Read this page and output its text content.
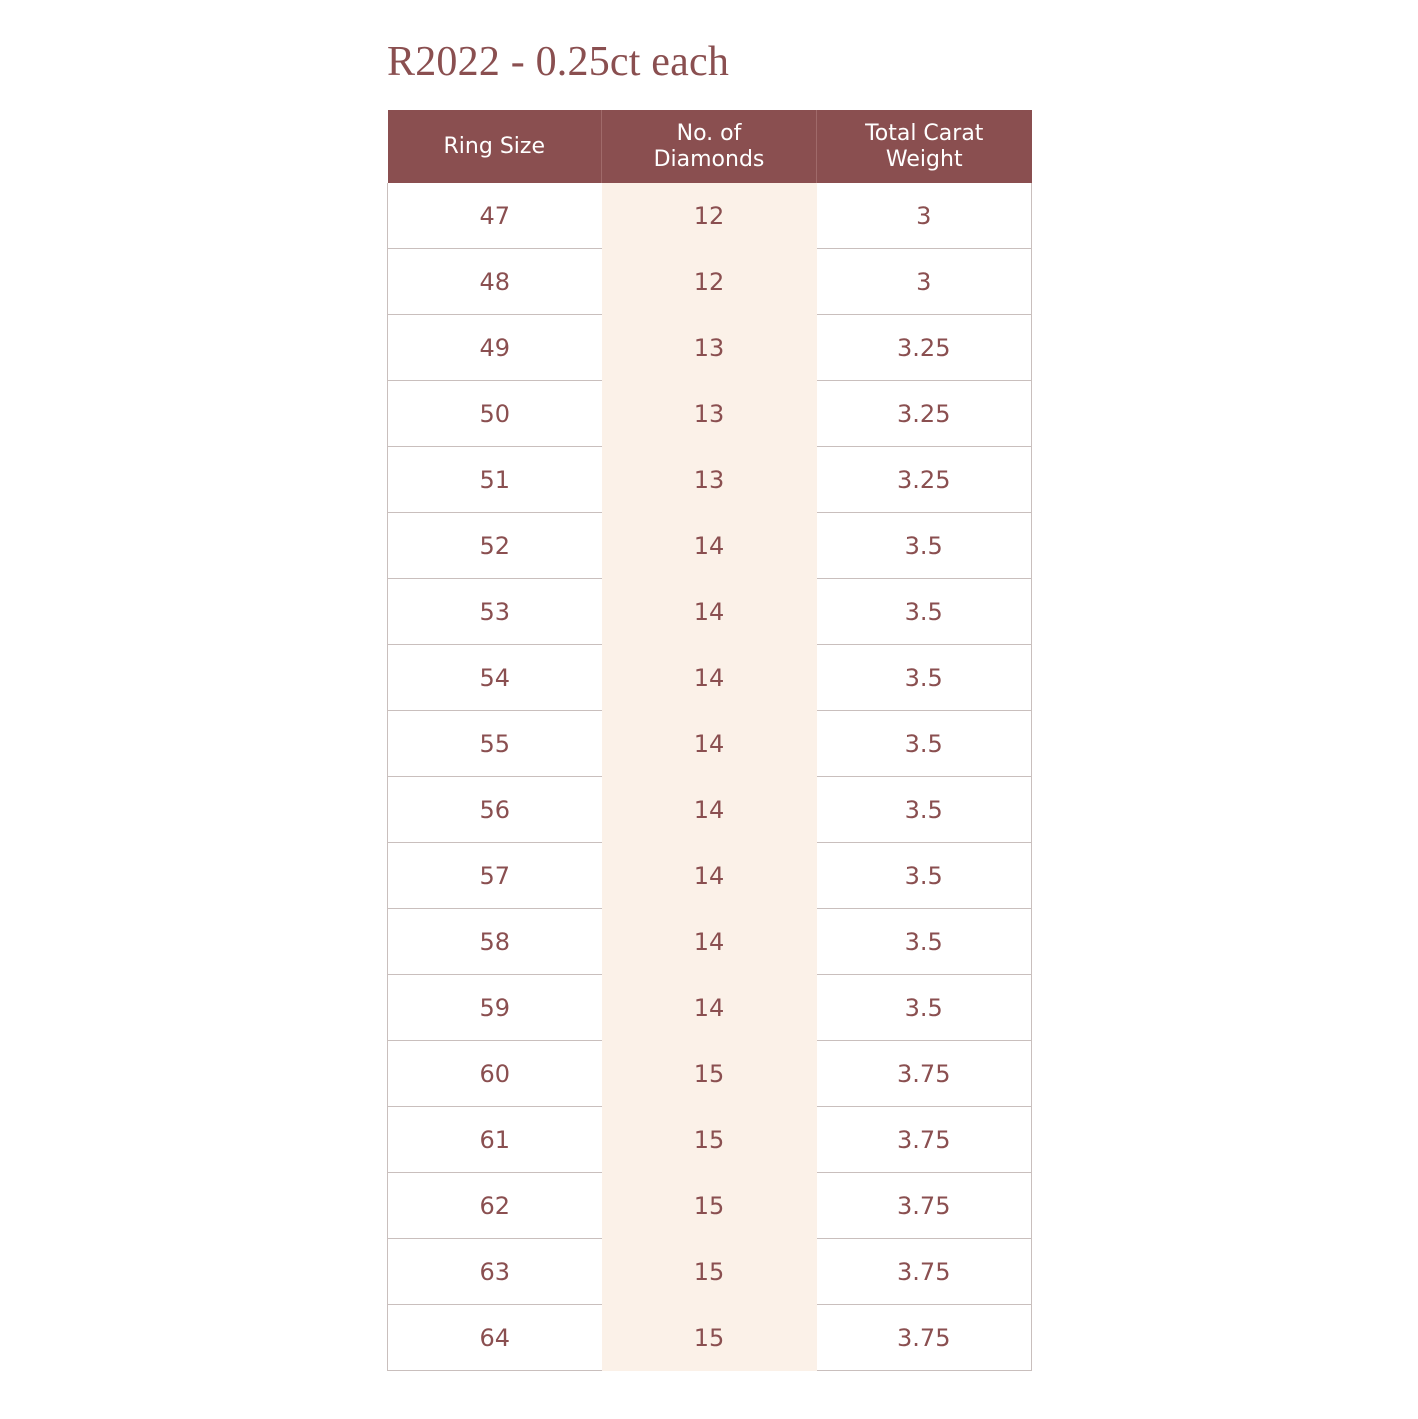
R2022 - 0.25ct each
Ring Size	No. of Diamonds	Total Carat Weight
47	12	3
48	12	3
49	13	3.25
50	13	3.25
51	13	3.25
52	14	3.5
53	14	3.5
54	14	3.5
55	14	3.5
56	14	3.5
57	14	3.5
58	14	3.5
59	14	3.5
60	15	3.75
61	15	3.75
62	15	3.75
63	15	3.75
64	15	3.75
